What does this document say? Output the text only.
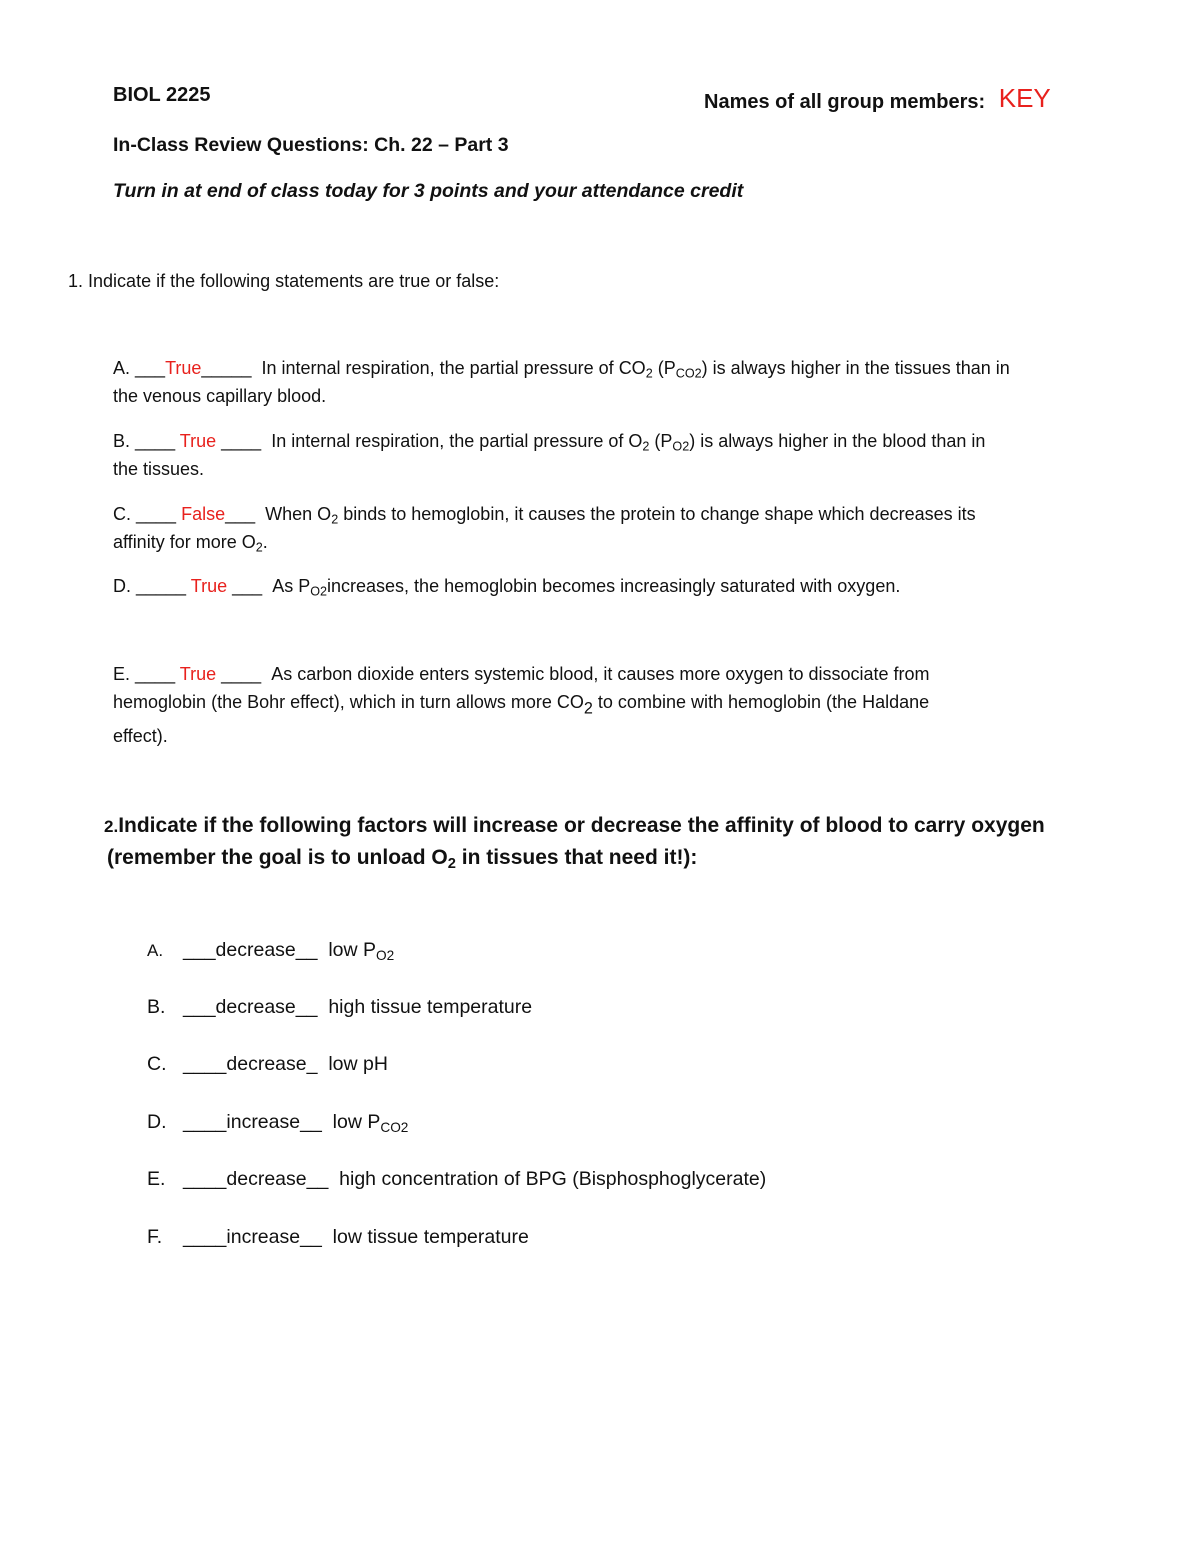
BIOL 2225	Names of all group members: KEY
In-Class Review Questions: Ch. 22 – Part 3
Turn in at end of class today for 3 points and your attendance credit
1. Indicate if the following statements are true or false:
A. ___True_____ In internal respiration, the partial pressure of $CO_2$ $(P_{CO2})$ is always higher in the tissues than in
the venous capillary blood.
B. ____ True ____ In internal respiration, the partial pressure of $O_2$ $(P_{O2})$ is always higher in the blood than in
the tissues.
C. ____ False___ When $O_2$ binds to hemoglobin, it causes the protein to change shape which decreases its
affinity for more $O_2$.
D. _____ True ___ As $P_{O2}increases$, the hemoglobin becomes increasingly saturated with oxygen.
E. ____ True ____ As carbon dioxide enters systemic blood, it causes more oxygen to dissociate from
hemoglobin (the Bohr effect), which in turn allows more $CO_2$ to combine with hemoglobin (the Haldane
effect).
2.Indicate if the following factors will increase or decrease the affinity of blood to carry oxygen
(remember the goal is to unload $O_2$ in tissues that need it!):
A. ___decrease__ low $P_{O2}$
B. ___decrease__ high tissue temperature
C. ____decrease_ low pH
D. ____increase__ low $P_{CO2}$
E. ____decrease__ high concentration of BPG (Bisphosphoglycerate)
F. ____increase__ low tissue temperature
